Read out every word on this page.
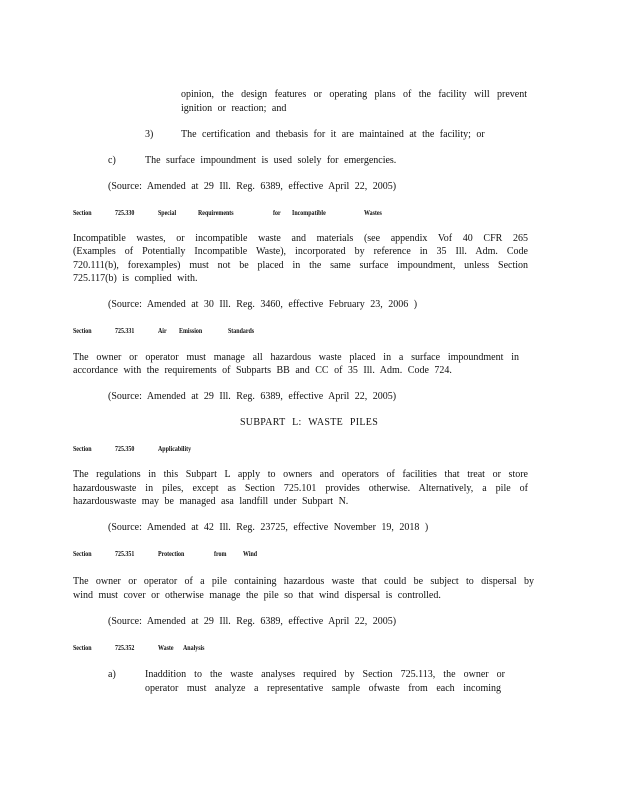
opinion, the design features or operating plans of the facility will prevent
ignition or reaction; and
3)	The certification and thebasis for it are maintained at the facility; or
c)	The surface impoundment is used solely for emergencies.
(Source: Amended at 29 Ill. Reg. 6389, effective April 22, 2005)
Section	725.330	Special	Requirements	for Incompatible	Wastes
Incompatible wastes, or incompatible waste and materials (see appendix Vof 40 CFR 265
(Examples of Potentially Incompatible Waste), incorporated by reference in 35 Ill. Adm. Code
720.111(b), forexamples) must not be placed in the same surface impoundment, unless Section
725.117(b) is complied with.
(Source: Amended at 30 Ill. Reg. 3460, effective February 23, 2006 )
Section	725.331	Air Emission	Standards
The owner or operator must manage all hazardous waste placed in a surface impoundment in
accordance with the requirements of Subparts BB and CC of 35 Ill. Adm. Code 724.
(Source: Amended at 29 Ill. Reg. 6389, effective April 22, 2005)
SUBPART L: WASTE PILES
Section	725.350	Applicability
The regulations in this Subpart L apply to owners and operators of facilities that treat or store
hazardouswaste in piles, except as Section 725.101 provides otherwise. Alternatively, a pile of
hazardouswaste may be managed asa landfill under Subpart N.
(Source: Amended at 42 Ill. Reg. 23725, effective November 19, 2018 )
Section	725.351	Protection	from Wind
The owner or operator of a pile containing hazardous waste that could be subject to dispersal by
wind must cover or otherwise manage the pile so that wind dispersal is controlled.
(Source: Amended at 29 Ill. Reg. 6389, effective April 22, 2005)
Section	725.352	Waste Analysis
a)	Inaddition to the waste analyses required by Section 725.113, the owner or
operator must analyze a representative sample ofwaste from each incoming
